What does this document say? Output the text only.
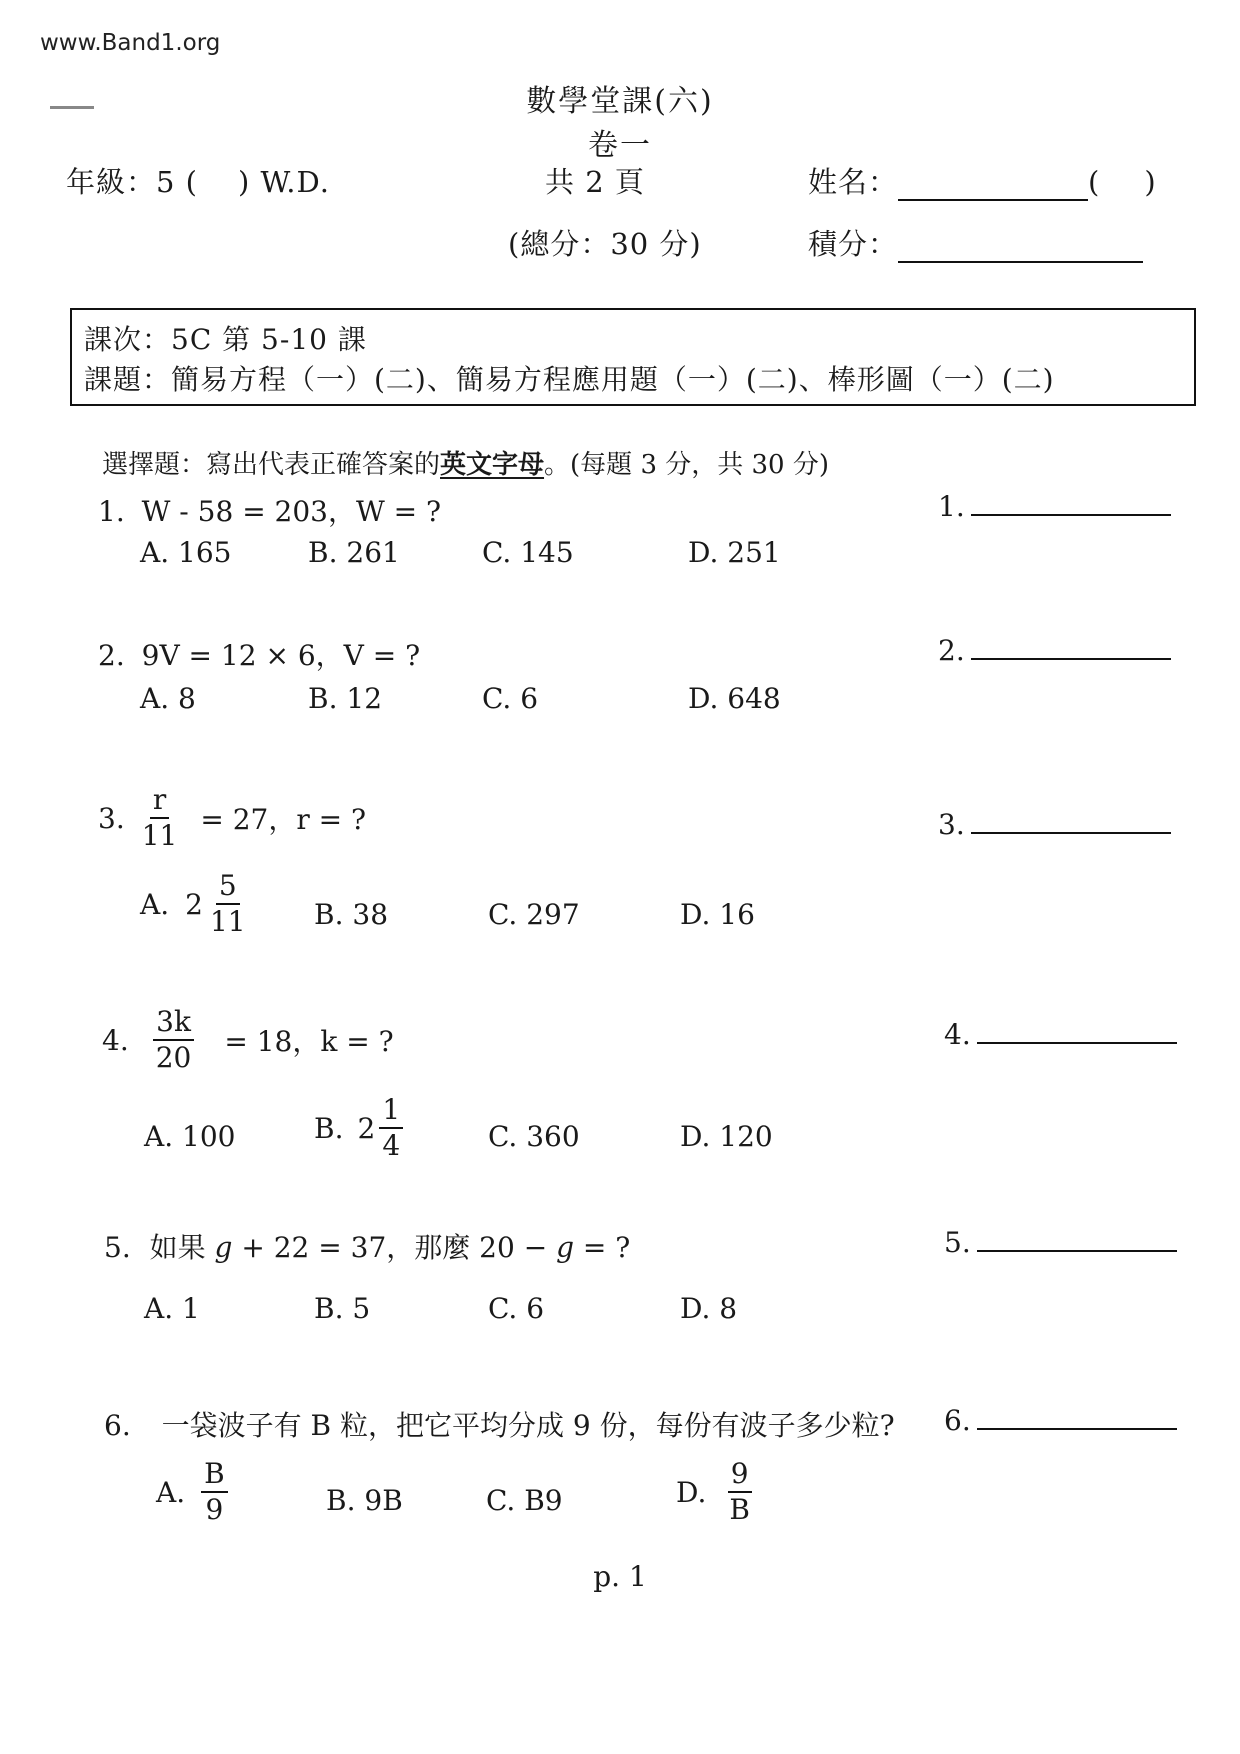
www.Band1.org
數學堂課(六)
卷一
年級：5 ( ) W.D.	共 2 頁	姓名：	( )
(總分：30 分)	積分：
課次：5C 第 5-10 課
課題：簡易方程（一）(二)、簡易方程應用題（一）(二)、棒形圖（一）(二)
選擇題：寫出代表正確答案的英文字母。(每題 3 分，共 30 分)
1. W - 58 = 203，W = ?	1.
A. 165	B. 261	C. 145	D. 251
2. 9V = 12 × 6，V = ?	2.
A. 8	B. 12	C. 6	D. 648
3. $\frac{r}{11} = 27$，r = ?	3.
A. $2 \frac{5}{11} B$. 38	C. 297	D. 16
4. $\frac{3k}{20} = 18$，k = ?	4.
A. 100	B. $2 \frac{1}{4}$	C. 360	D. 120
5. 如果 g + 22 = 37，那麼 20 − g = ?	5.
A. 1	B. 5	C. 6	D. 8
6. 一袋波子有 B 粒，把它平均分成 9 份，每份有波子多少粒? 6.
A. $\frac{B}{9}$	B. 9B	C. B9	D. $\frac{9}{B}$
p. 1
